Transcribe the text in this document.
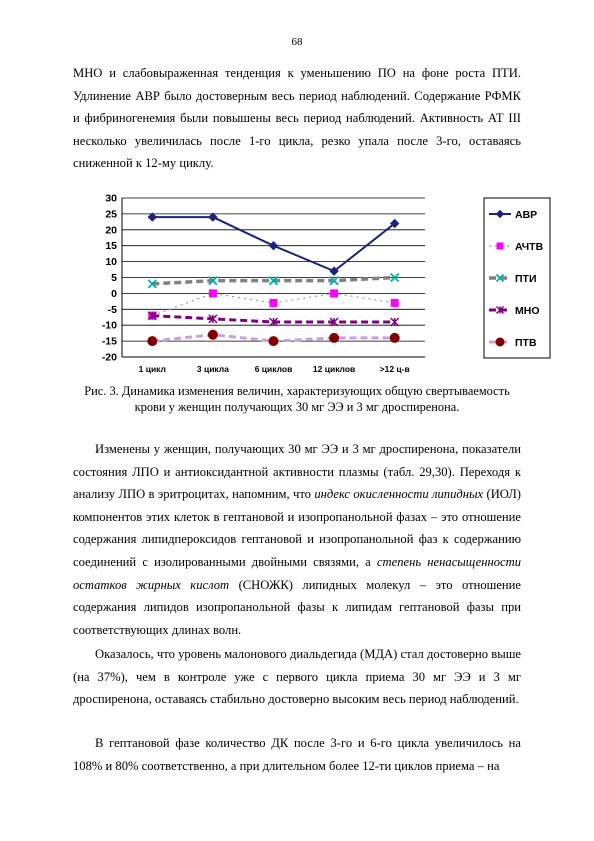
68

МНО и слабовыраженная тенденция к уменьшению ПО на фоне роста ПТИ. Удлинение АВР было достоверным весь период наблюдений. Содержание РФМК и фибриногенемия были повышены весь период наблюдений. Активность АТ III несколько увеличилась после 1-го цикла, резко упала после 3-го, оставаясь сниженной к 12-му циклу.

30
25
20
15
10
5
0
-5
-10
-15
-20
1 цикл	3 цикла	6 циклов 12 циклов	>12 ц-в
АВР
АЧТВ
ПТИ
МНО
ПТВ

Рис. 3. Динамика изменения величин, характеризующих общую свертываемость крови у женщин получающих 30 мг ЭЭ и 3 мг дроспиренона.

Изменены у женщин, получающих 30 мг ЭЭ и 3 мг дроспиренона, показатели состояния ЛПО и антиоксидантной активности плазмы (табл. 29,30). Переходя к анализу ЛПО в эритроцитах, напомним, что индекс окисленности липидных (ИОЛ) компонентов этих клеток в гептановой и изопропанольной фазах – это отношение содержания липидпероксидов гептановой и изопропанольной фаз к содержанию соединений с изолированными двойными связями, а степень ненасыщенности остатков жирных кислот (СНОЖК) липидных молекул – это отношение содержания липидов изопропанольной фазы к липидам гептановой фазы при соответствующих длинах волн.

Оказалось, что уровень малонового диальдегида (МДА) стал достоверно выше (на 37%), чем в контроле уже с первого цикла приема 30 мг ЭЭ и 3 мг дроспиренона, оставаясь стабильно достоверно высоким весь период наблюдений.

В гептановой фазе количество ДК после 3-го и 6-го цикла увеличилось на 108% и 80% соответственно, а при длительном более 12-ти циклов приема – на
